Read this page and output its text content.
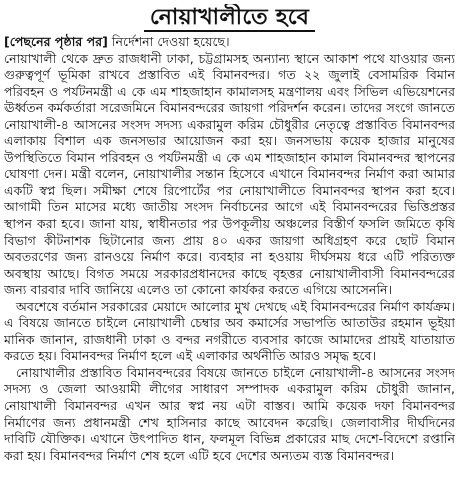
নোয়াখালীতে হবে

[পেছনের পৃষ্ঠার পর] নির্দেশনা দেওয়া হয়েছে।

নোয়াখালী থেকে দ্রুত রাজধানী ঢাকা, চট্টগ্রামসহ অন্যান্য স্থানে আকাশ পথে যাওয়ার জন্য গুরুত্বপূর্ণ ভূমিকা রাখবে প্রস্তাবিত এই বিমানবন্দর। গত ২২ জুলাই বেসামরিক বিমান পরিবহন ও পর্যটনমন্ত্রী এ কে এম শাহজাহান কামালসহ মন্ত্রণালয় এবং সিভিল এভিয়েশনের ঊর্ধ্বতন কর্মকর্তারা সরেজমিনে বিমানবন্দরের জায়গা পরিদর্শন করেন। তাদের সংগে জানতে নোয়াখালী-৪ আসনের সংসদ সদস্য একরামুল করিম চৌধুরীর নেতৃত্বে প্রস্তাবিত বিমানবন্দর এলাকায় বিশাল এক জনসভার আয়োজন করা হয়। জনসভায় কয়েক হাজার মানুষের উপস্থিতিতে বিমান পরিবহন ও পর্যটনমন্ত্রী এ কে এম শাহজাহান কামাল বিমানবন্দর স্থাপনের ঘোষণা দেন। মন্ত্রী বলেন, নোয়াখালীর সন্তান হিসেবে এখানে বিমানবন্দর নির্মাণ করা আমার একটি স্বপ্ন ছিল। সমীক্ষা শেষে রিপোর্টের পর নোয়াখালীতে বিমানবন্দর স্থাপন করা হবে। আগামী তিন মাসের মধ্যে জাতীয় সংসদ নির্বাচনের আগে এই বিমানবন্দরের ভিত্তিপ্রস্তর স্থাপন করা হবে। জানা যায়, স্বাধীনতার পর উপকূলীয় অঞ্চলের বিস্তীর্ণ ফসলি জমিতে কৃষি বিভাগ কীটনাশক ছিটানোর জন্য প্রায় ৪০ একর জায়গা অধিগ্রহণ করে ছোট বিমান অবতরণের জন্য রানওয়ে নির্মাণ করে। ব্যবহার না হওয়ায় দীর্ঘসময় ধরে এটি পরিত্যক্ত অবস্থায় আছে। বিগত সময়ে সরকারপ্রধানদের কাছে বৃহত্তর নোয়াখালীবাসী বিমানবন্দরের জন্য বারবার দাবি জানিয়ে এলেও তা কোনো কার্যকর করতে এগিয়ে আসেননি।

অবশেষে বর্তমান সরকারের মেয়াদে আলোর মুখ দেখছে এই বিমানবন্দরের নির্মাণ কার্যক্রম। এ বিষয়ে জানতে চাইলে নোয়াখালী চেম্বার অব কমার্সের সভাপতি আতাউর রহমান ভূইয়া মানিক জানান, রাজধানী ঢাকা ও বন্দর নগরীতে ব্যবসার কাজে আমাদের প্রায়ই যাতায়াত করতে হয়। বিমানবন্দর নির্মাণ হলে এই এলাকার অর্থনীতি আরও সমৃদ্ধ হবে।

নোয়াখালীর প্রস্তাবিত বিমানবন্দরের বিষয়ে জানতে চাইলে নোয়াখালী-৪ আসনের সংসদ সদস্য ও জেলা আওয়ামী লীগের সাধারণ সম্পাদক একরামুল করিম চৌধুরী জানান, নোয়াখালী বিমানবন্দর এখন আর স্বপ্ন নয় এটা বাস্তব। আমি কয়েক দফা বিমানবন্দর নির্মাণের জন্য প্রধানমন্ত্রী শেখ হাসিনার কাছে আবেদন করেছি। জেলাবাসীর দীর্ঘদিনের দাবিটি যৌক্তিক। এখানে উৎপাদিত ধান, ফলমূল বিভিন্ন প্রকারের মাছ দেশে-বিদেশে রপ্তানি করা হয়। বিমানবন্দর নির্মাণ শেষ হলে এটি হবে দেশের অন্যতম ব্যস্ত বিমানবন্দর।
